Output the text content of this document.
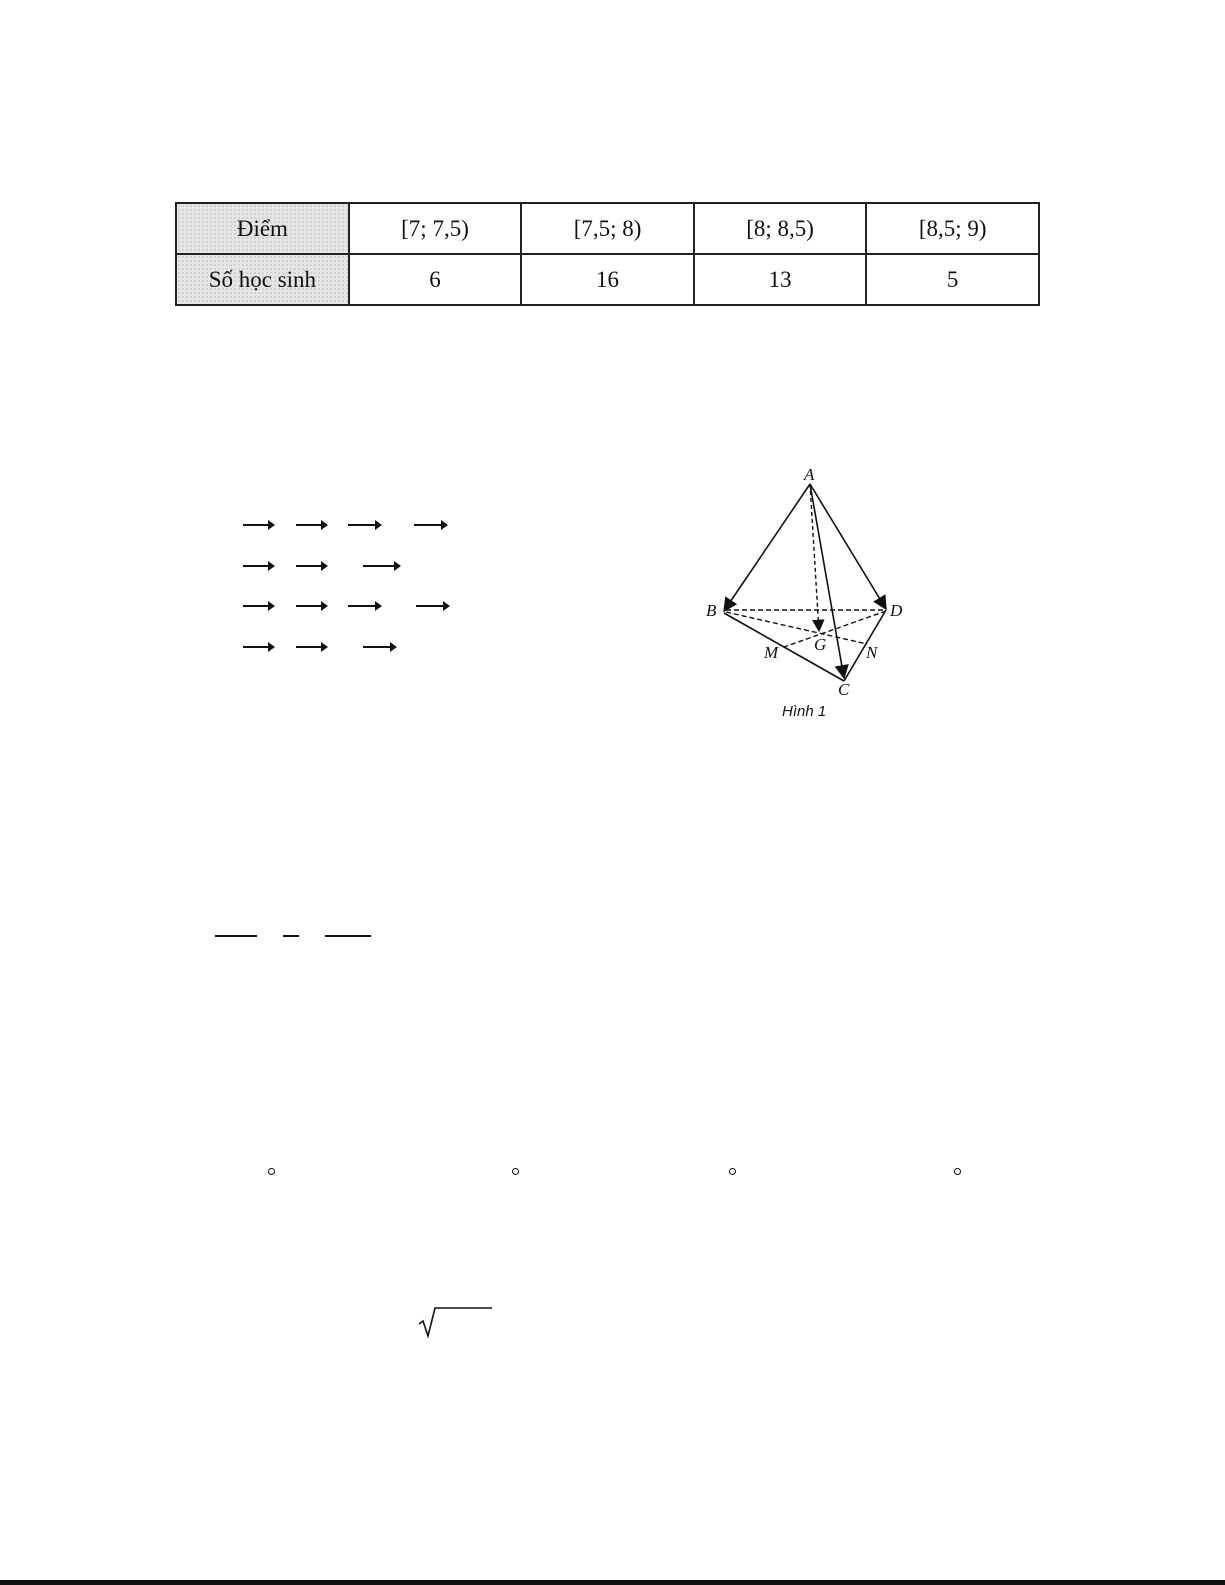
Điểm	[7; 7,5)	[7,5; 8)	[8; 8,5)	[8,5; 9)
Số học sinh	6	16	13	5
A
B	D
G
M	N
C
Hình 1
